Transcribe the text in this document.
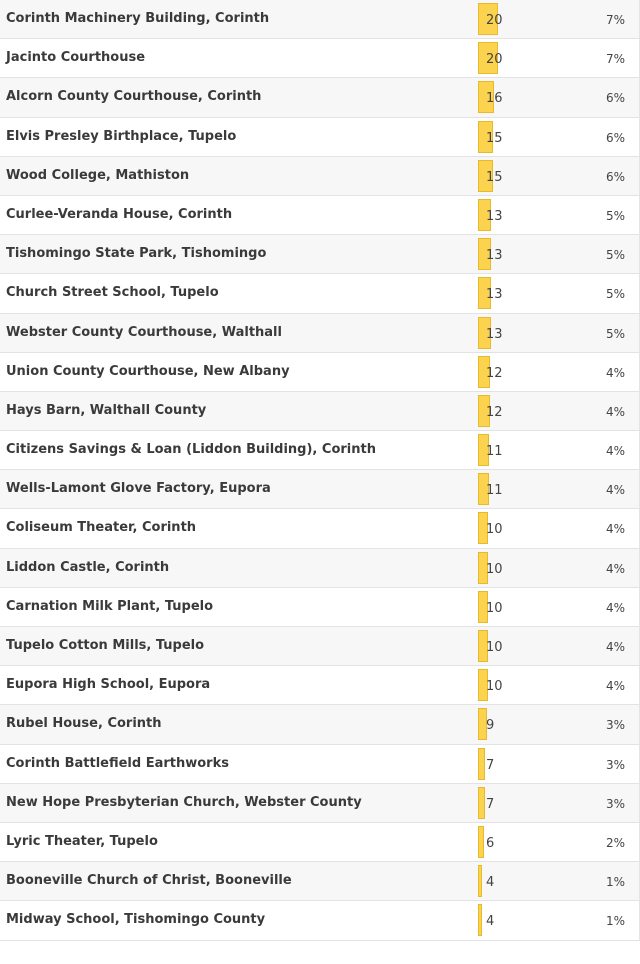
Corinth Machinery Building, Corinth	20	7%
Jacinto Courthouse	20	7%
Alcorn County Courthouse, Corinth	16	6%
Elvis Presley Birthplace, Tupelo	15	6%
Wood College, Mathiston	15	6%
Curlee-Veranda House, Corinth	13	5%
Tishomingo State Park, Tishomingo	13	5%
Church Street School, Tupelo	13	5%
Webster County Courthouse, Walthall	13	5%
Union County Courthouse, New Albany	12	4%
Hays Barn, Walthall County	12	4%
Citizens Savings & Loan (Liddon Building), Corinth	11	4%
Wells-Lamont Glove Factory, Eupora	11	4%
Coliseum Theater, Corinth	10	4%
Liddon Castle, Corinth	10	4%
Carnation Milk Plant, Tupelo	10	4%
Tupelo Cotton Mills, Tupelo	10	4%
Eupora High School, Eupora	10	4%
Rubel House, Corinth	9	3%
Corinth Battlefield Earthworks	7	3%
New Hope Presbyterian Church, Webster County	7	3%
Lyric Theater, Tupelo	6	2%
Booneville Church of Christ, Booneville	4	1%
Midway School, Tishomingo County	4	1%
